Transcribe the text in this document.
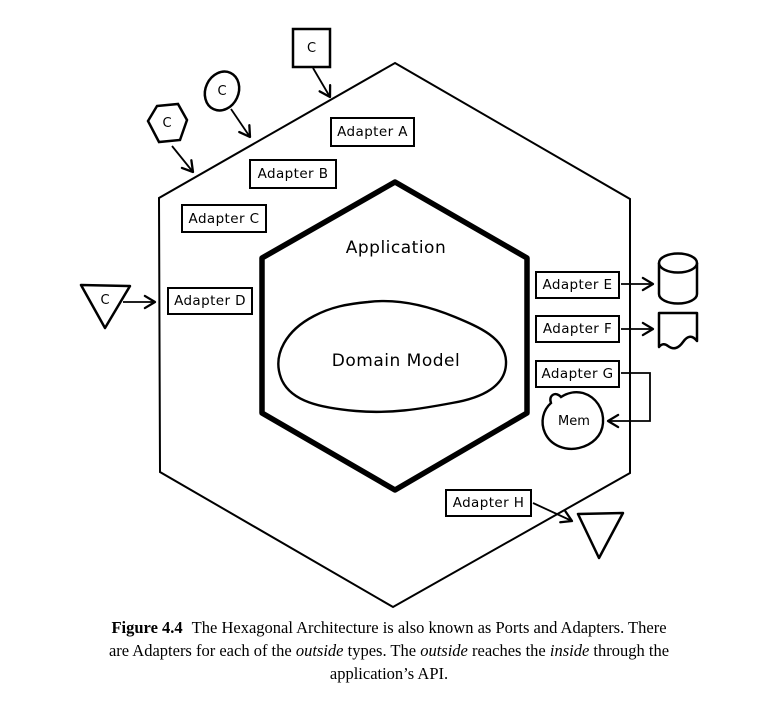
Adapter A
Adapter B
Adapter C
Adapter D
Adapter E
Adapter F
Adapter G
Adapter H
Application
Domain Model
Mem
C
C
C
C
Figure 4.4 The Hexagonal Architecture is also known as Ports and Adapters. There
are Adapters for each of the outside types. The outside reaches the inside through the
application’s API.
